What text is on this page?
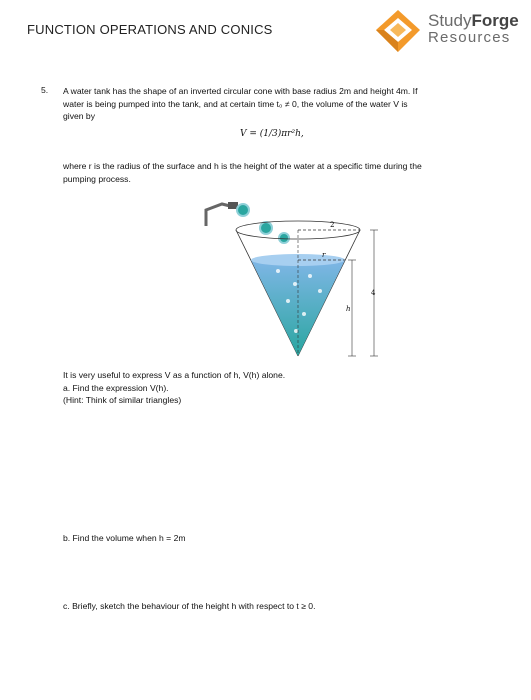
FUNCTION OPERATIONS AND CONICS	StudyForge
Resources
5. A water tank has the shape of an inverted circular cone with base radius 2m and height 4m. If
water is being pumped into the tank, and at certain time t₀ ≠ 0, the volume of the water V is
given by
V = (1/3)πr²h,
where r is the radius of the surface and h is the height of the water at a specific time during the
pumping process.
2
r
h
4
It is very useful to express V as a function of h, V(h) alone.
a. Find the expression V(h).
(Hint: Think of similar triangles)
b. Find the volume when h = 2m
c. Briefly, sketch the behaviour of the height h with respect to t ≥ 0.
